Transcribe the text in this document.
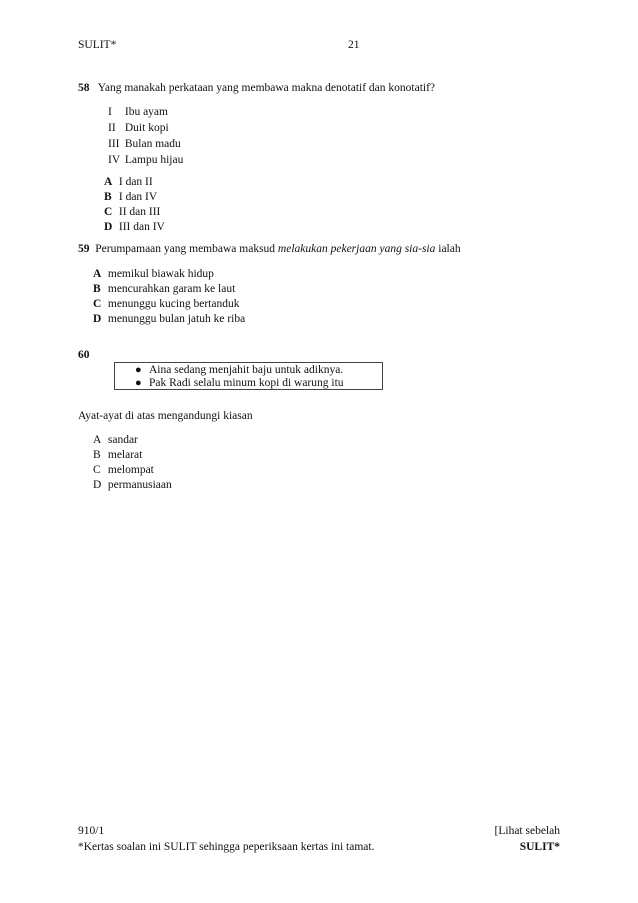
SULIT*	21
58 Yang manakah perkataan yang membawa makna denotatif dan konotatif?
I Ibu ayam
II Duit kopi
III Bulan madu
IV Lampu hijau
A I dan II
B I dan IV
C II dan III
D III dan IV
59 Perumpamaan yang membawa maksud melakukan pekerjaan yang sia-sia ialah
A memikul biawak hidup
B mencurahkan garam ke laut
C menunggu kucing bertanduk
D menunggu bulan jatuh ke riba
60
● Aina sedang menjahit baju untuk adiknya.
● Pak Radi selalu minum kopi di warung itu
Ayat-ayat di atas mengandungi kiasan
A sandar
B melarat
C melompat
D permanusiaan
910/1
*Kertas soalan ini SULIT sehingga peperiksaan kertas ini tamat.
[Lihat sebelah
SULIT*
